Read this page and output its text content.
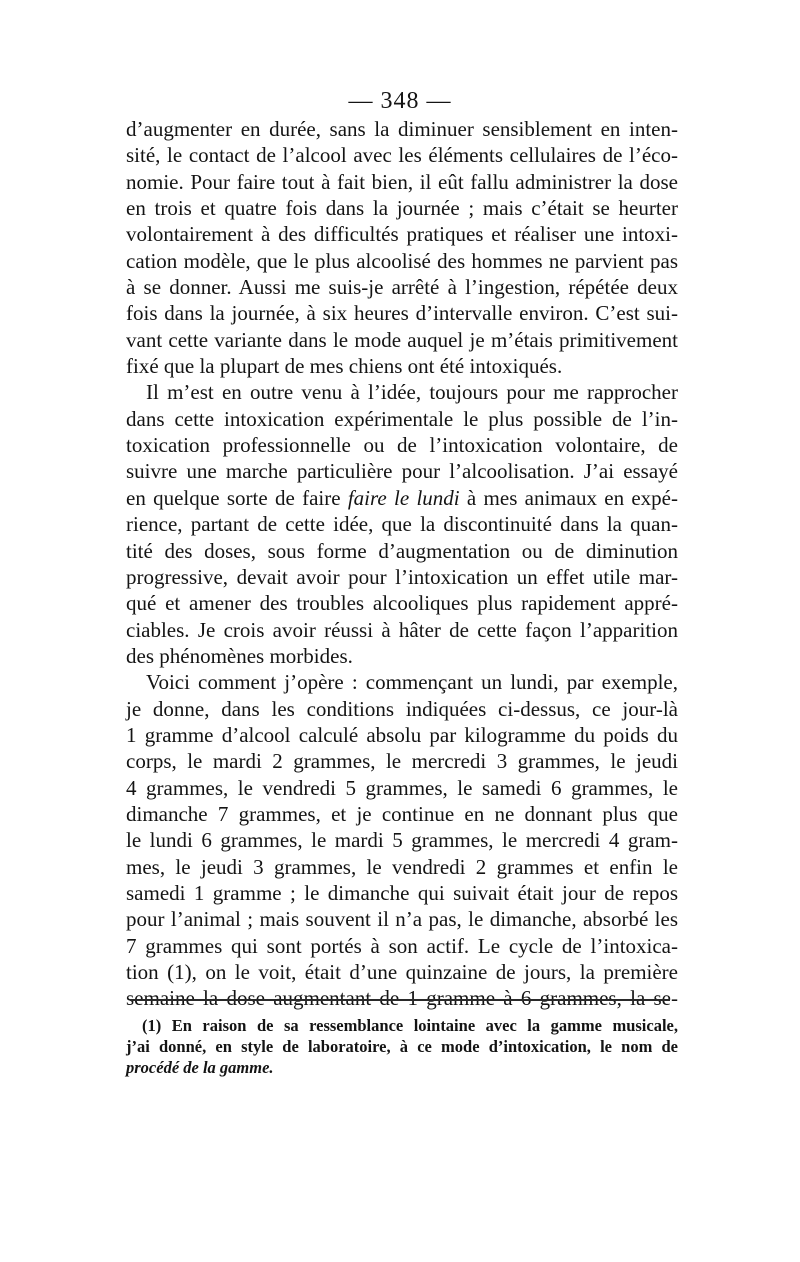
— 348 —
d’augmenter en durée, sans la diminuer sensiblement en inten-
sité, le contact de l’alcool avec les éléments cellulaires de l’éco-
nomie. Pour faire tout à fait bien, il eût fallu administrer la dose
en trois et quatre fois dans la journée ; mais c’était se heurter
volontairement à des difficultés pratiques et réaliser une intoxi-
cation modèle, que le plus alcoolisé des hommes ne parvient pas
à se donner. Aussi me suis-je arrêté à l’ingestion, répétée deux
fois dans la journée, à six heures d’intervalle environ. C’est sui-
vant cette variante dans le mode auquel je m’étais primitivement
fixé que la plupart de mes chiens ont été intoxiqués.
Il m’est en outre venu à l’idée, toujours pour me rapprocher
dans cette intoxication expérimentale le plus possible de l’in-
toxication professionnelle ou de l’intoxication volontaire, de
suivre une marche particulière pour l’alcoolisation. J’ai essayé
en quelque sorte de faire faire le lundi à mes animaux en expé-
rience, partant de cette idée, que la discontinuité dans la quan-
tité des doses, sous forme d’augmentation ou de diminution
progressive, devait avoir pour l’intoxication un effet utile mar-
qué et amener des troubles alcooliques plus rapidement appré-
ciables. Je crois avoir réussi à hâter de cette façon l’apparition
des phénomènes morbides.
Voici comment j’opère : commençant un lundi, par exemple,
je donne, dans les conditions indiquées ci-dessus, ce jour-là
1 gramme d’alcool calculé absolu par kilogramme du poids du
corps, le mardi 2 grammes, le mercredi 3 grammes, le jeudi
4 grammes, le vendredi 5 grammes, le samedi 6 grammes, le
dimanche 7 grammes, et je continue en ne donnant plus que
le lundi 6 grammes, le mardi 5 grammes, le mercredi 4 gram-
mes, le jeudi 3 grammes, le vendredi 2 grammes et enfin le
samedi 1 gramme ; le dimanche qui suivait était jour de repos
pour l’animal ; mais souvent il n’a pas, le dimanche, absorbé les
7 grammes qui sont portés à son actif. Le cycle de l’intoxica-
tion (1), on le voit, était d’une quinzaine de jours, la première
semaine la dose augmentant de 1 gramme à 6 grammes, la se-
(1) En raison de sa ressemblance lointaine avec la gamme musicale,
j’ai donné, en style de laboratoire, à ce mode d’intoxication, le nom de
procédé de la gamme.
